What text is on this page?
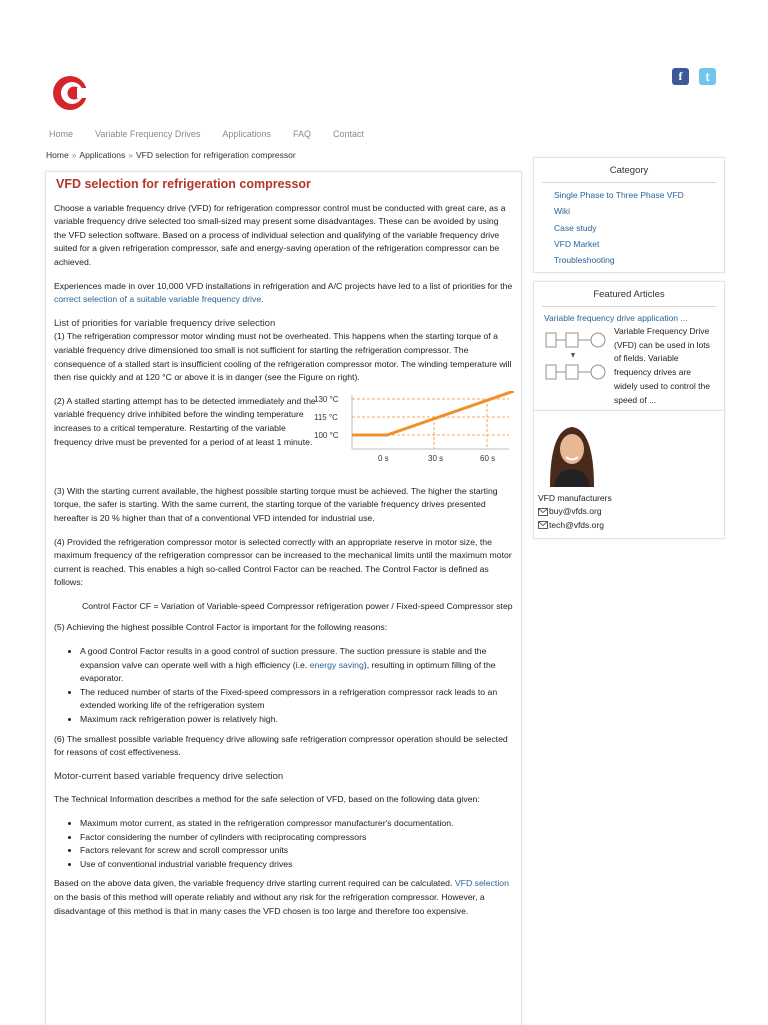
f	t
Home Variable Frequency Drives Applications FAQ Contact
Home » Applications » VFD selection for refrigeration compressor
VFD selection for refrigeration compressor

Choose a variable frequency drive (VFD) for refrigeration compressor control must be conducted with great care, as a variable frequency drive selected too small-sized may present some disadvantages. These can be avoided by using the VFD selection software. Based on a process of individual selection and qualifying of the variable frequency drive suited for a given refrigeration compressor, safe and energy-saving operation of the refrigeration compressor can be achieved.

Experiences made in over 10,000 VFD installations in refrigeration and A/C projects have led to a list of priorities for the correct selection of a suitable variable frequency drive.

List of priorities for variable frequency drive selection

(1) The refrigeration compressor motor winding must not be overheated. This happens when the starting torque of a variable frequency drive dimensioned too small is not sufficient for starting the refrigeration compressor. The consequence of a stalled start is insufficient cooling of the refrigeration compressor motor. The winding temperature will then rise quickly and at 120 °C or above it is in danger (see the Figure on right).

(2) A stalled starting attempt has to be detected immediately and the variable frequency drive inhibited before the winding temperature increases to a critical temperature. Restarting of the variable frequency drive must be prevented for a period of at least 1 minute.
130 °C
115 °C
100 °C
0 s	30 s	60 s

(3) With the starting current available, the highest possible starting torque must be achieved. The higher the starting torque, the safer is starting. With the same current, the starting torque of the variable frequency drives presented hereafter is 20 % higher than that of a conventional VFD intended for industrial use.

(4) Provided the refrigeration compressor motor is selected correctly with an appropriate reserve in motor size, the maximum frequency of the refrigeration compressor can be increased to the mechanical limits until the maximum motor current is reached. This enables a high so-called Control Factor can be reached. The Control Factor is defined as follows:

Control Factor CF = Variation of Variable-speed Compressor refrigeration power / Fixed-speed Compressor step

(5) Achieving the highest possible Control Factor is important for the following reasons:

• A good Control Factor results in a good control of suction pressure. The suction pressure is stable and the expansion valve can operate well with a high efficiency (i.e. energy saving), resulting in optimum filling of the evaporator.
• The reduced number of starts of the Fixed-speed compressors in a refrigeration compressor rack leads to an extended working life of the refrigeration system
• Maximum rack refrigeration power is relatively high.

(6) The smallest possible variable frequency drive allowing safe refrigeration compressor operation should be selected for reasons of cost effectiveness.

Motor-current based variable frequency drive selection

The Technical Information describes a method for the safe selection of VFD, based on the following data given:

• Maximum motor current, as stated in the refrigeration compressor manufacturer's documentation.
• Factor considering the number of cylinders with reciprocating compressors
• Factors relevant for screw and scroll compressor units
• Use of conventional industrial variable frequency drives

Based on the above data given, the variable frequency drive starting current required can be calculated. VFD selection on the basis of this method will operate reliably and without any risk for the refrigeration compressor. However, a disadvantage of this method is that in many cases the VFD chosen is too large and therefore too expensive.

Category
Single Phase to Three Phase VFD
Wiki
Case study
VFD Market
Troubleshooting
Featured Articles
Variable frequency drive application ...
Variable Frequency Drive (VFD) can be used in lots of fields. Variable frequency drives are widely used to control the speed of ...
VFD manufacturers
buy@vfds.org
tech@vfds.org
